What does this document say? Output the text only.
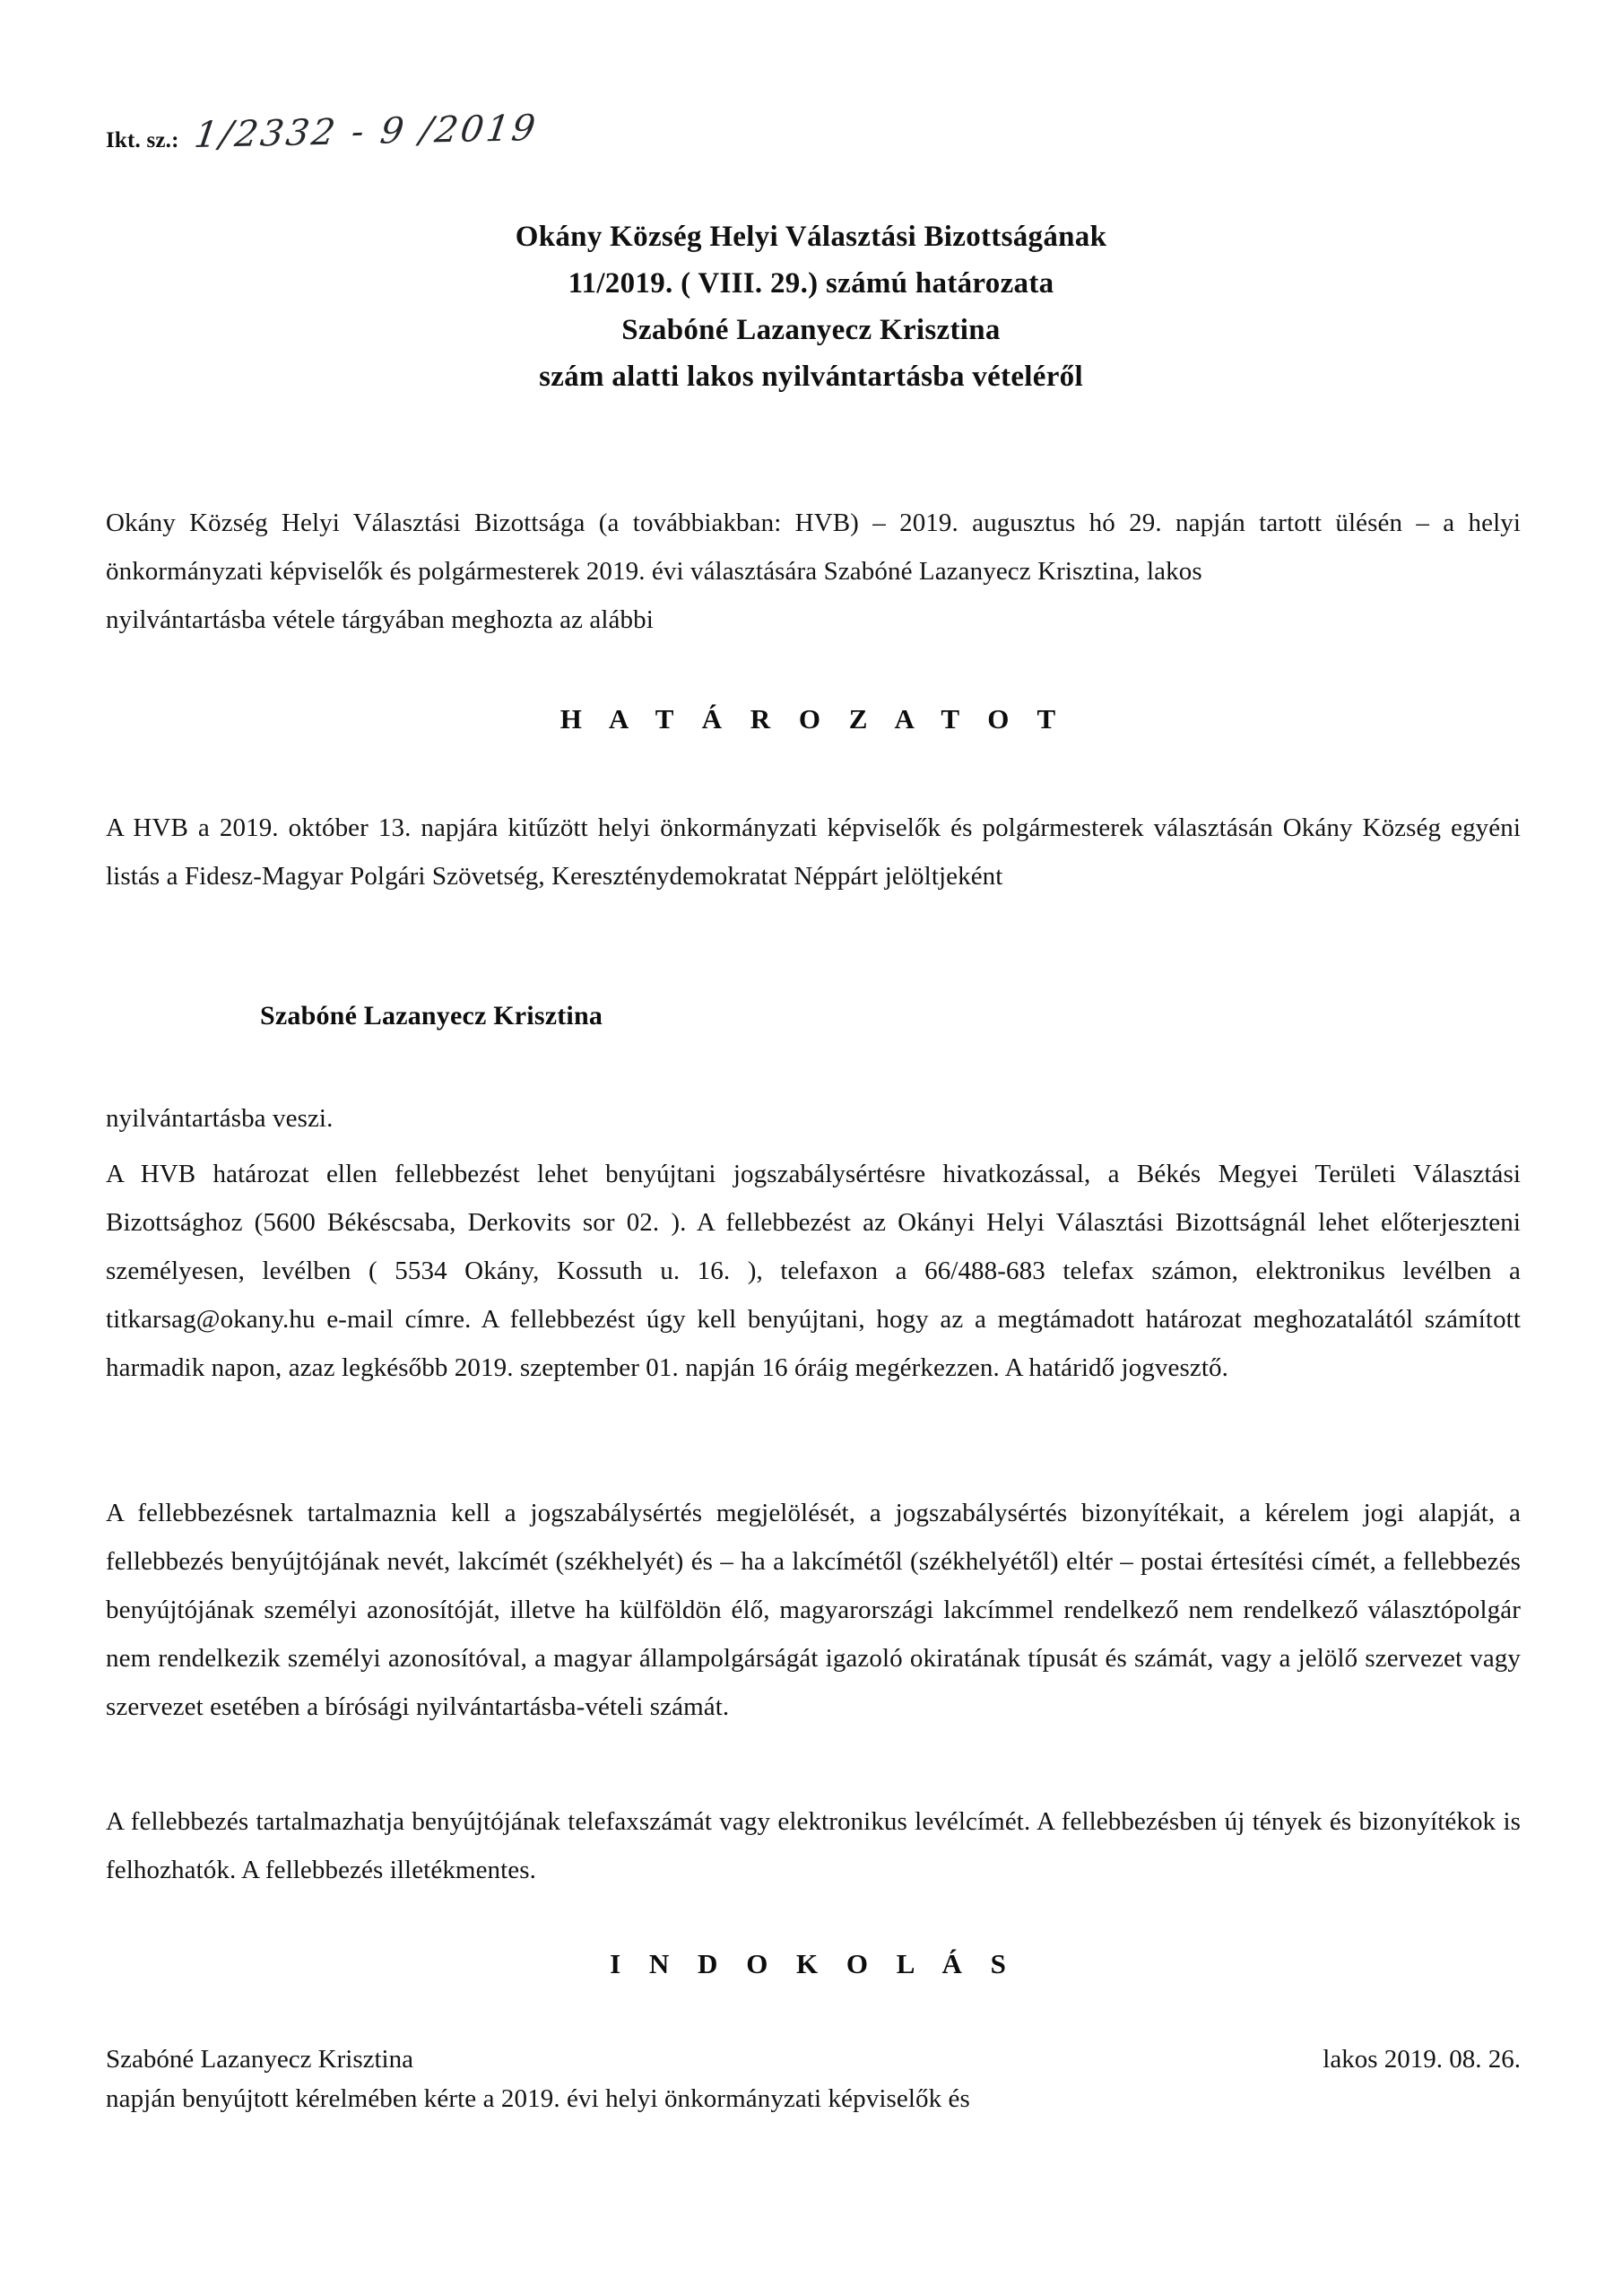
Ikt. sz.: 1/2332 - 9 /2019
Okány Község Helyi Választási Bizottságának
11/2019. ( VIII. 29.) számú határozata
Szabóné Lazanyecz Krisztina
szám alatti lakos nyilvántartásba vételéről

Okány Község Helyi Választási Bizottsága (a továbbiakban: HVB) – 2019. augusztus hó 29. napján tartott ülésén – a helyi önkormányzati képviselők és polgármesterek 2019. évi választására Szabóné Lazanyecz Krisztina, lakos

nyilvántartásba vétele tárgyában meghozta az alábbi

H A T Á R O Z A T O T

A HVB a 2019. október 13. napjára kitűzött helyi önkormányzati képviselők és polgármesterek választásán Okány Község egyéni listás a Fidesz-Magyar Polgári Szövetség, Kereszténydemokratat Néppárt jelöltjeként

Szabóné Lazanyecz Krisztina

nyilvántartásba veszi.

A HVB határozat ellen fellebbezést lehet benyújtani jogszabálysértésre hivatkozással, a Békés Megyei Területi Választási Bizottsághoz (5600 Békéscsaba, Derkovits sor 02. ). A fellebbezést az Okányi Helyi Választási Bizottságnál lehet előterjeszteni személyesen, levélben ( 5534 Okány, Kossuth u. 16. ), telefaxon a 66/488-683 telefax számon, elektronikus levélben a titkarsag@okany.hu e-mail címre. A fellebbezést úgy kell benyújtani, hogy az a megtámadott határozat meghozatalától számított harmadik napon, azaz legkésőbb 2019. szeptember 01. napján 16 óráig megérkezzen. A határidő jogvesztő.

A fellebbezésnek tartalmaznia kell a jogszabálysértés megjelölését, a jogszabálysértés bizonyítékait, a kérelem jogi alapját, a fellebbezés benyújtójának nevét, lakcímét (székhelyét) és – ha a lakcímétől (székhelyétől) eltér – postai értesítési címét, a fellebbezés benyújtójának személyi azonosítóját, illetve ha külföldön élő, magyarországi lakcímmel rendelkező nem rendelkező választópolgár nem rendelkezik személyi azonosítóval, a magyar állampolgárságát igazoló okiratának típusát és számát, vagy a jelölő szervezet vagy szervezet esetében a bírósági nyilvántartásba-vételi számát.

A fellebbezés tartalmazhatja benyújtójának telefaxszámát vagy elektronikus levélcímét. A fellebbezésben új tények és bizonyítékok is felhozhatók. A fellebbezés illetékmentes.

I N D O K O L Á S

Szabóné Lazanyecz Krisztina	lakos 2019. 08. 26.

napján benyújtott kérelmében kérte a 2019. évi helyi önkormányzati képviselők és
